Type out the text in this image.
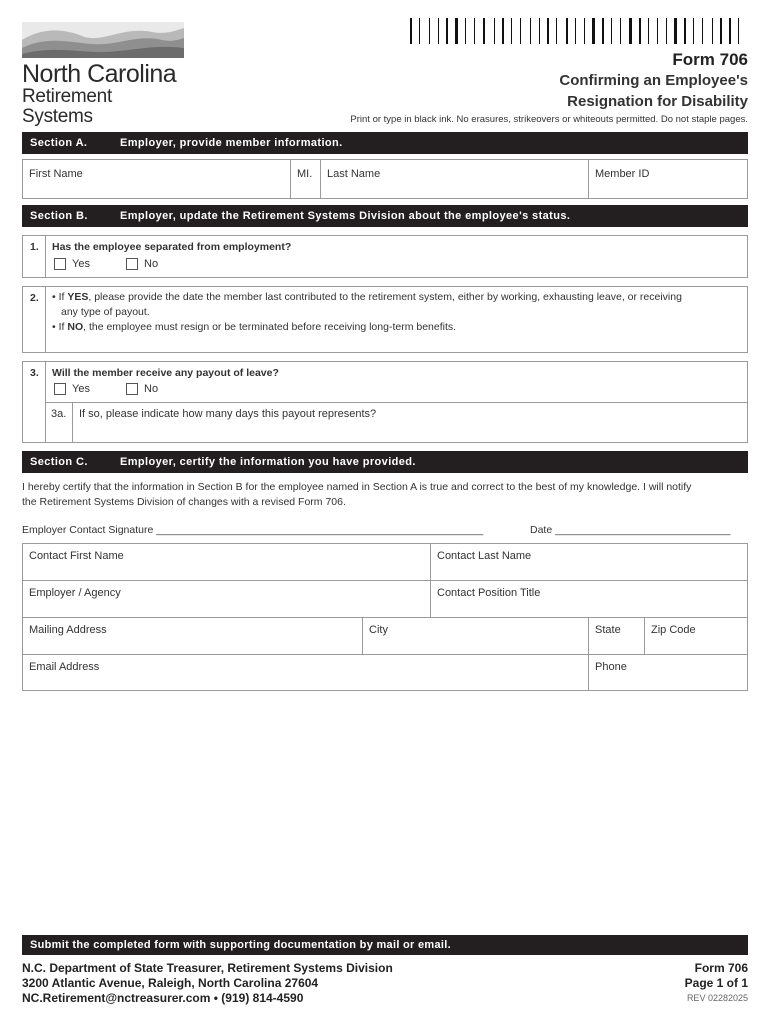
North Carolina
Retirement Systems
Form 706
Confirming an Employee's
Resignation for Disability
Print or type in black ink. No erasures, strikeovers or whiteouts permitted. Do not staple pages.
Section A.	Employer, provide member information.
First Name	MI. Last Name	Member ID
Section B.	Employer, update the Retirement Systems Division about the employee's status.
1. Has the employee separated from employment?
Yes	No
2. • If YES, please provide the date the member last contributed to the retirement system, either by working, exhausting leave, or receiving
any type of payout.
• If NO, the employee must resign or be terminated before receiving long-term benefits.
3. Will the member receive any payout of leave?
Yes	No
3a. If so, please indicate how many days this payout represents?
Section C.	Employer, certify the information you have provided.
I hereby certify that the information in Section B for the employee named in Section A is true and correct to the best of my knowledge. I will notify
the Retirement Systems Division of changes with a revised Form 706.
Employer Contact Signature ________________________________________________________	Date ______________________________
Contact First Name	Contact Last Name
Employer / Agency	Contact Position Title
Mailing Address	City	State	Zip Code
Email Address	Phone
Submit the completed form with supporting documentation by mail or email.
N.C. Department of State Treasurer, Retirement Systems Division
3200 Atlantic Avenue, Raleigh, North Carolina 27604
NC.Retirement@nctreasurer.com • (919) 814-4590
Form 706
Page 1 of 1
REV 02282025
